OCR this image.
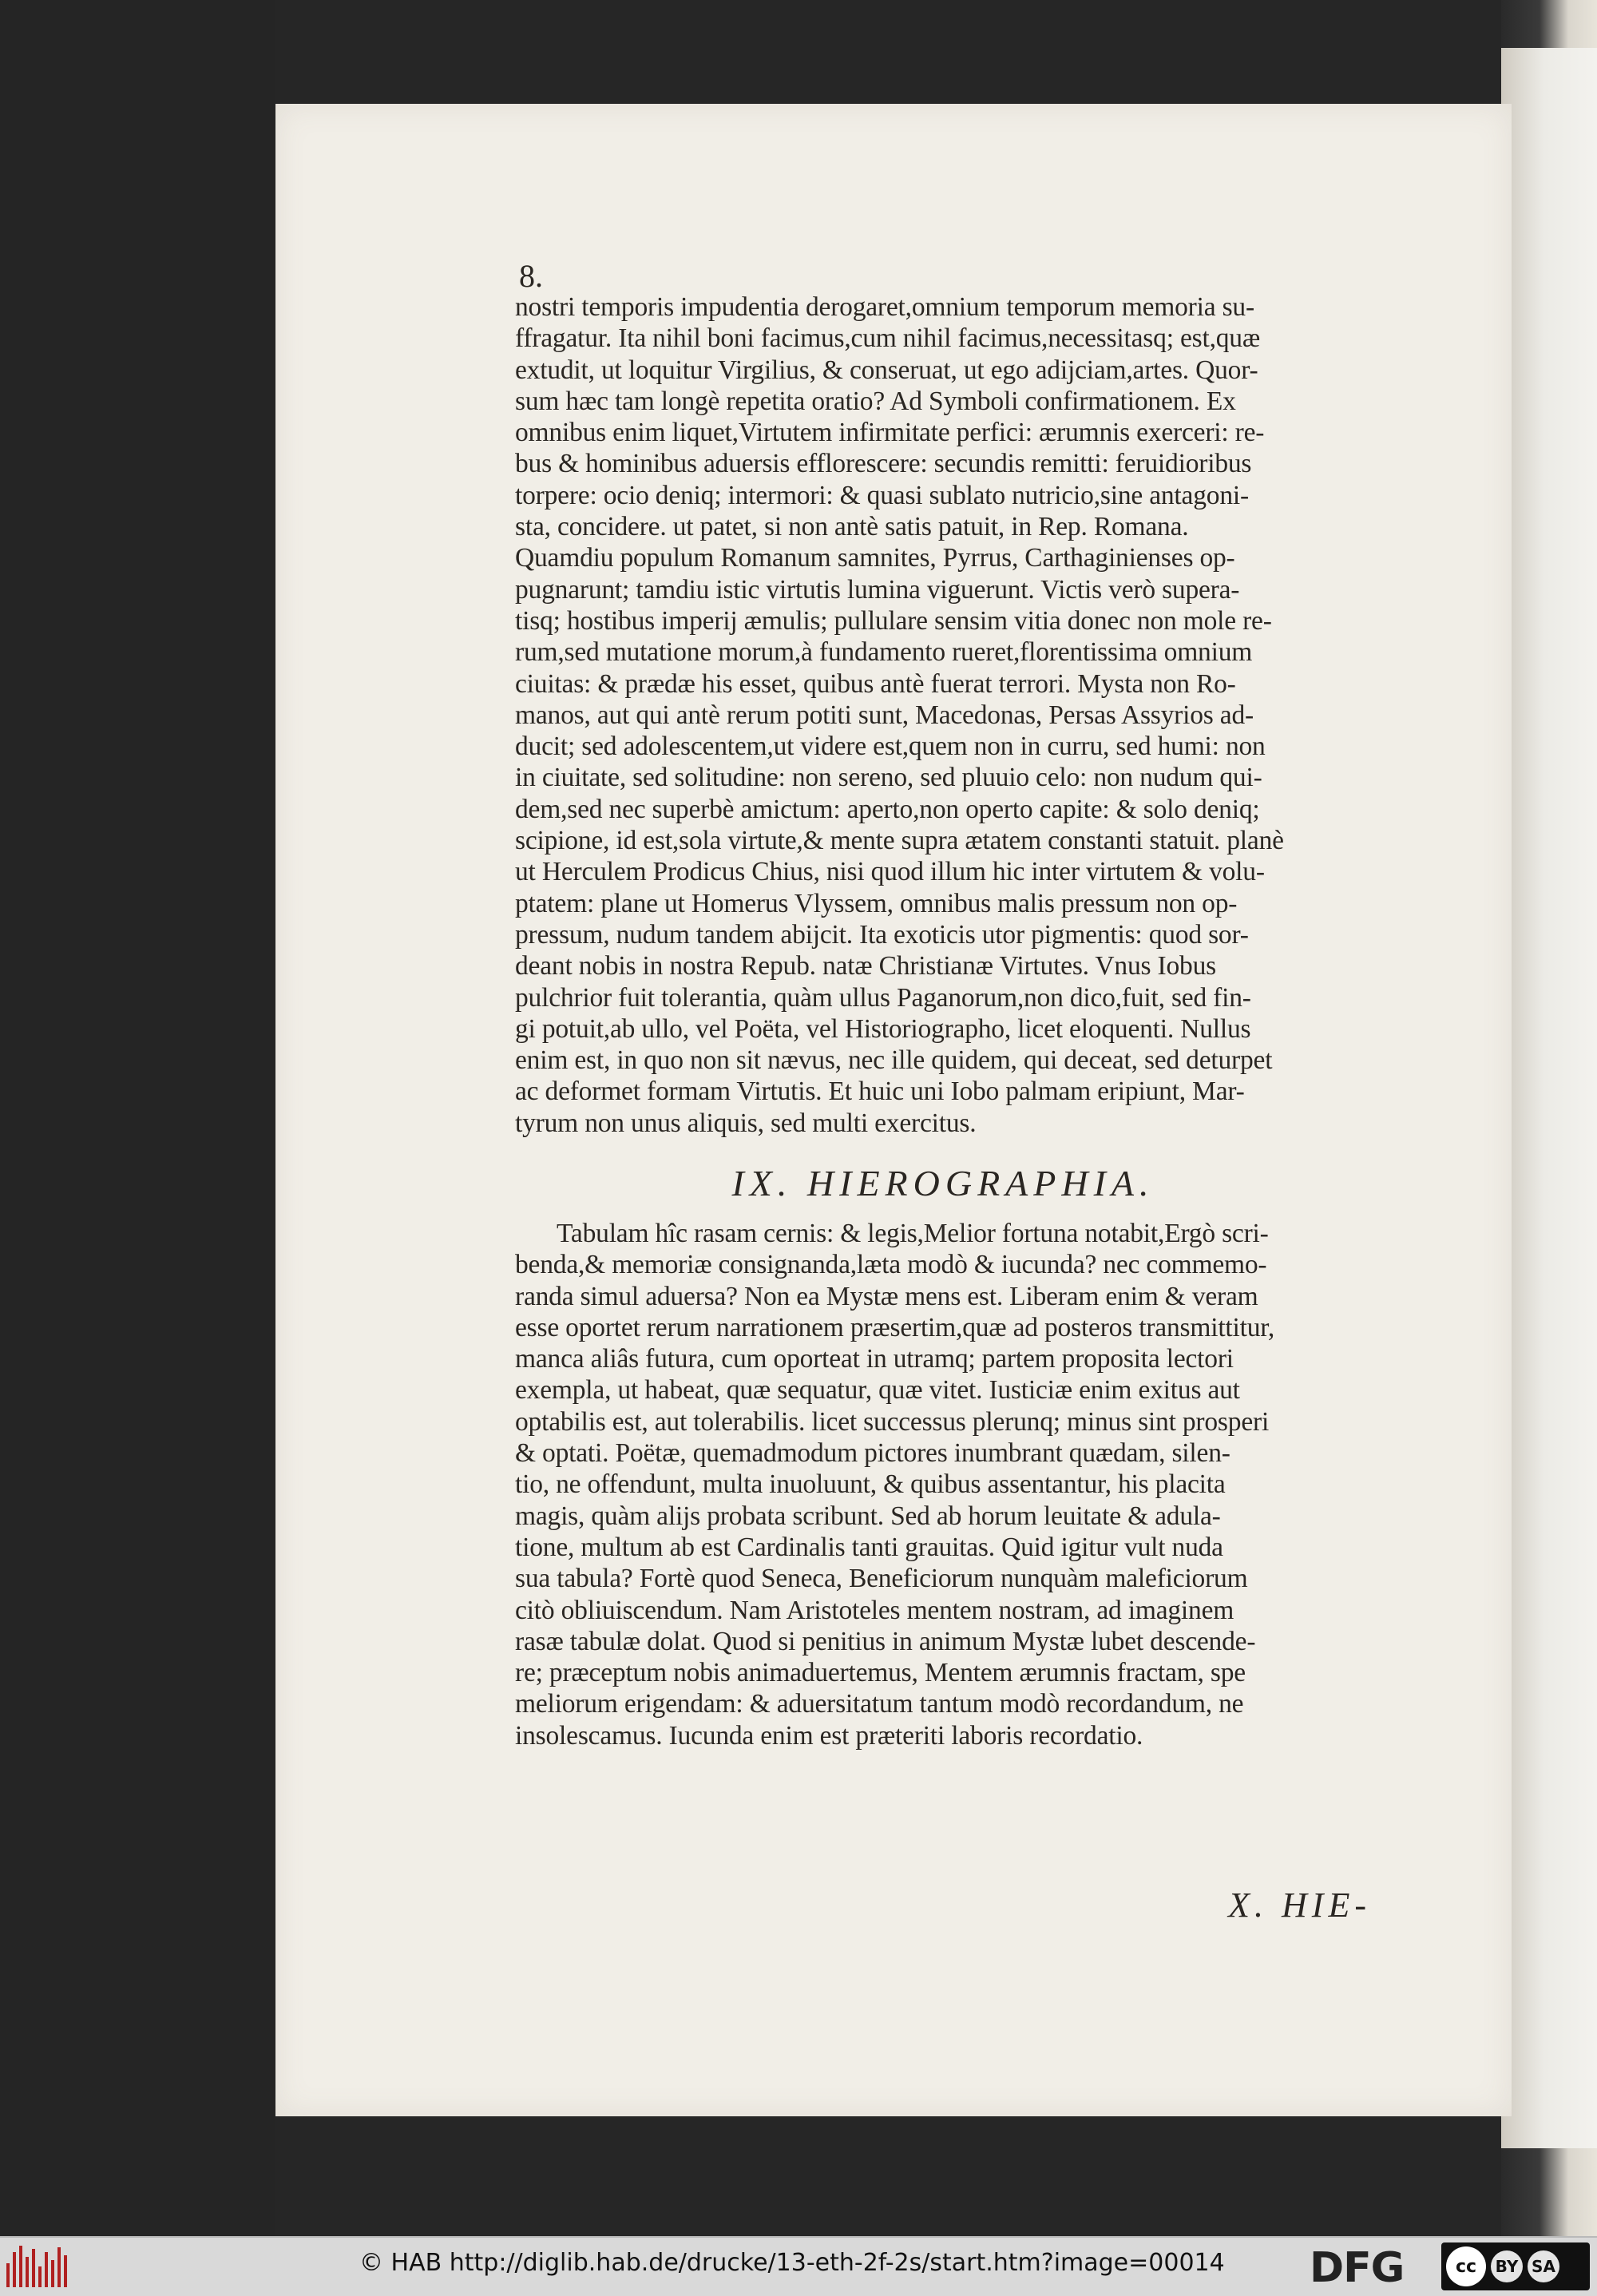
8.
nostri temporis impudentia derogaret,omnium temporum memoria su-
ffragatur. Ita nihil boni facimus,cum nihil facimus,necessitasq; est,quæ
extudit, ut loquitur Virgilius, & conseruat, ut ego adijciam,artes. Quor-
sum hæc tam longè repetita oratio? Ad Symboli confirmationem. Ex
omnibus enim liquet,Virtutem infirmitate perfici: ærumnis exerceri: re-
bus & hominibus aduersis efflorescere: secundis remitti: feruidioribus
torpere: ocio deniq; intermori: & quasi sublato nutricio,sine antagoni-
sta, concidere. ut patet, si non antè satis patuit, in Rep. Romana.
Quamdiu populum Romanum samnites, Pyrrus, Carthaginienses op-
pugnarunt; tamdiu istic virtutis lumina viguerunt. Victis verò supera-
tisq; hostibus imperij æmulis; pullulare sensim vitia donec non mole re-
rum,sed mutatione morum,à fundamento rueret,florentissima omnium
ciuitas: & prædæ his esset, quibus antè fuerat terrori. Mysta non Ro-
manos, aut qui antè rerum potiti sunt, Macedonas, Persas Assyrios ad-
ducit; sed adolescentem,ut videre est,quem non in curru, sed humi: non
in ciuitate, sed solitudine: non sereno, sed pluuio celo: non nudum qui-
dem,sed nec superbè amictum: aperto,non operto capite: & solo deniq;
scipione, id est,sola virtute,& mente supra ætatem constanti statuit. planè
ut Herculem Prodicus Chius, nisi quod illum hic inter virtutem & volu-
ptatem: plane ut Homerus Vlyssem, omnibus malis pressum non op-
pressum, nudum tandem abijcit. Ita exoticis utor pigmentis: quod sor-
deant nobis in nostra Repub. natæ Christianæ Virtutes. Vnus Iobus
pulchrior fuit tolerantia, quàm ullus Paganorum,non dico,fuit, sed fin-
gi potuit,ab ullo, vel Poëta, vel Historiographo, licet eloquenti. Nullus
enim est, in quo non sit nævus, nec ille quidem, qui deceat, sed deturpet
ac deformet formam Virtutis. Et huic uni Iobo palmam eripiunt, Mar-
tyrum non unus aliquis, sed multi exercitus.
IX. HIEROGRAPHIA.
Tabulam hîc rasam cernis: & legis,Melior fortuna notabit,Ergò scri-
benda,& memoriæ consignanda,læta modò & iucunda? nec commemo-
randa simul aduersa? Non ea Mystæ mens est. Liberam enim & veram
esse oportet rerum narrationem præsertim,quæ ad posteros transmittitur,
manca aliâs futura, cum oporteat in utramq; partem proposita lectori
exempla, ut habeat, quæ sequatur, quæ vitet. Iusticiæ enim exitus aut
optabilis est, aut tolerabilis. licet successus plerunq; minus sint prosperi
& optati. Poëtæ, quemadmodum pictores inumbrant quædam, silen-
tio, ne offendunt, multa inuoluunt, & quibus assentantur, his placita
magis, quàm alijs probata scribunt. Sed ab horum leuitate & adula-
tione, multum ab est Cardinalis tanti grauitas. Quid igitur vult nuda
sua tabula? Fortè quod Seneca, Beneficiorum nunquàm maleficiorum
citò obliuiscendum. Nam Aristoteles mentem nostram, ad imaginem
rasæ tabulæ dolat. Quod si penitius in animum Mystæ lubet descende-
re; præceptum nobis animaduertemus, Mentem ærumnis fractam, spe
meliorum erigendam: & aduersitatum tantum modò recordandum, ne
insolescamus. Iucunda enim est præteriti laboris recordatio.
X. HIE-
© HAB http://diglib.hab.de/drucke/13-eth-2f-2s/start.htm?image=00014 DFG	cc	BY SA
